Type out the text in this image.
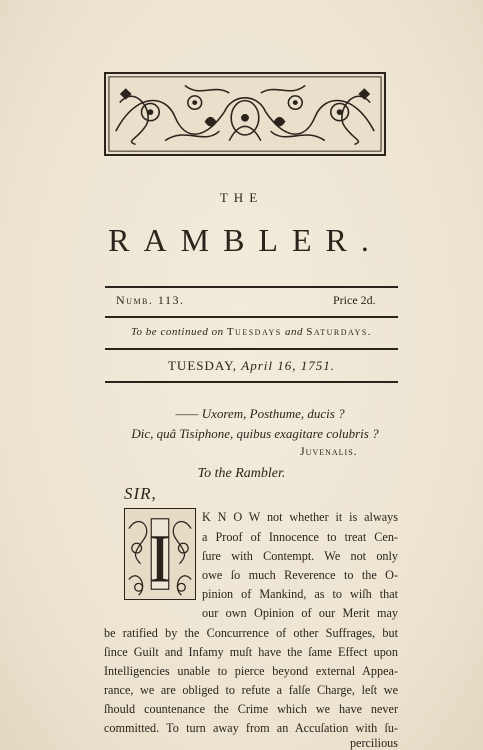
THE
RAMBLER.
Numb. 113.	Price 2d.
To be continued on Tuesdays and Saturdays.
TUESDAY, April 16, 1751.
—— Uxorem, Posthume, ducis ?
Dic, quâ Tisiphone, quibus exagitare colubris ?
Juvenalis.
To the Rambler.
SIR,
I
K N O W not whether it is always
a Proof of Innocence to treat Cen-
ſure with Contempt. We not only
owe ſo much Reverence to the O-
pinion of Mankind, as to wiſh that
our own Opinion of our Merit may
be ratified by the Concurrence of other Suffrages, but
ſince Guilt and Infamy muſt have the ſame Effect upon
Intelligencies unable to pierce beyond external Appea-
rance, we are obliged to refute a falſe Charge, leſt we
ſhould countenance the Crime which we have never
committed. To turn away from an Accuſation with ſu-
percilious
